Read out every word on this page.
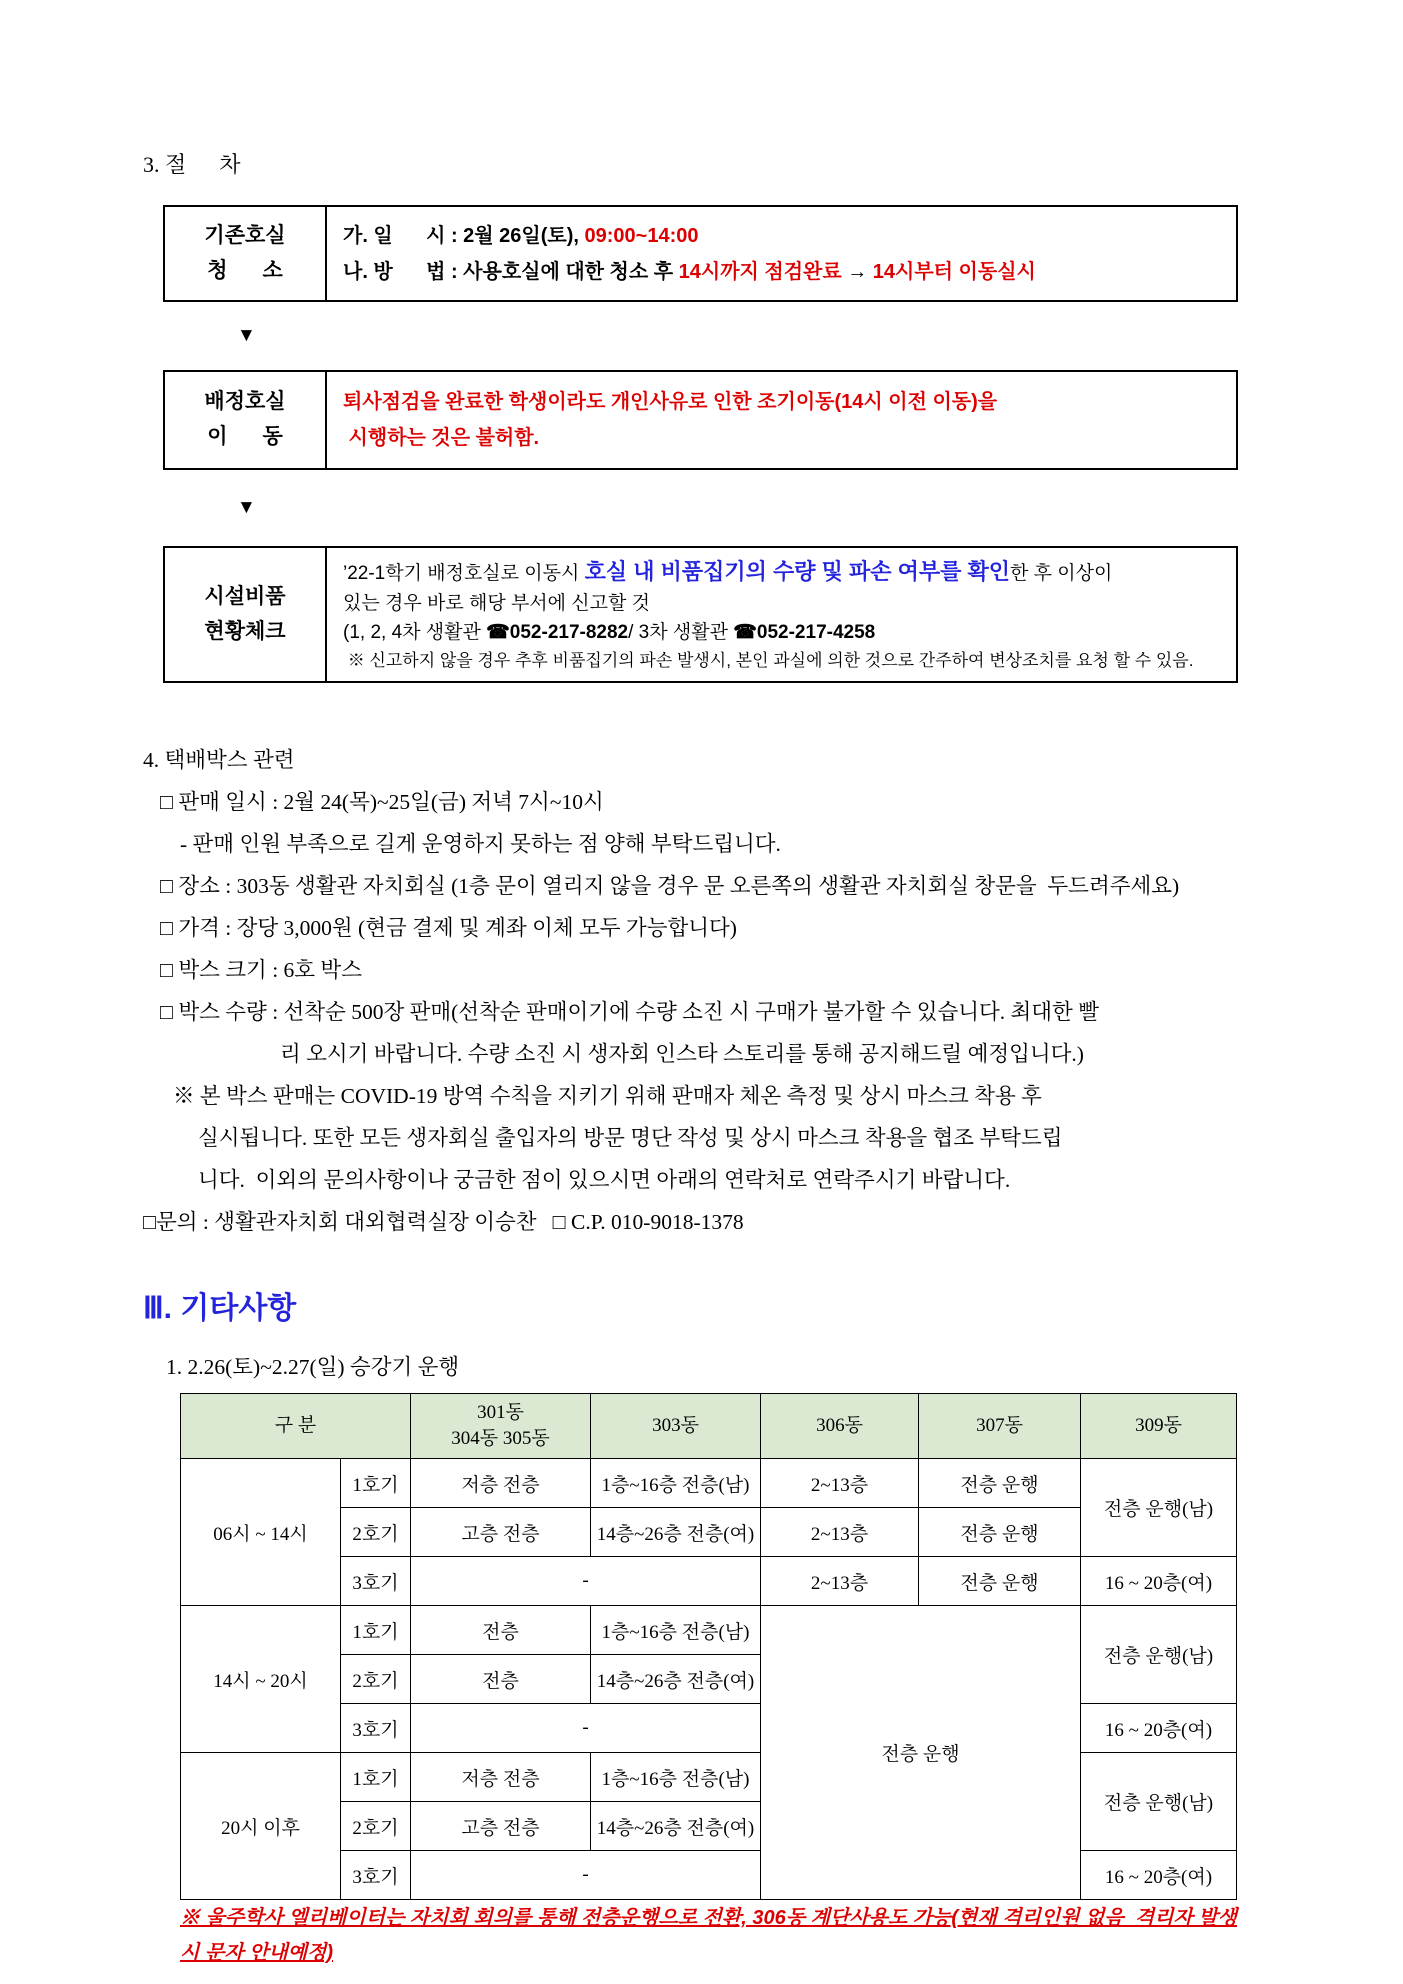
3. 절      차
기존호실
청      소
가. 일      시 : 2월 26일(토), 09:00~14:00
나. 방      법 : 사용호실에 대한 청소 후 14시까지 점검완료 → 14시부터 이동실시
▼
배정호실
이      동
퇴사점검을 완료한 학생이라도 개인사유로 인한 조기이동(14시 이전 이동)을
시행하는 것은 불허함.
▼
시설비품
현황체크
’22-1학기 배정호실로 이동시 호실 내 비품집기의 수량 및 파손 여부를 확인한 후 이상이
있는 경우 바로 해당 부서에 신고할 것
(1, 2, 4차 생활관 ☎052-217-8282/ 3차 생활관 ☎052-217-4258
※ 신고하지 않을 경우 추후 비품집기의 파손 발생시, 본인 과실에 의한 것으로 간주하여 변상조치를 요청 할 수 있음.
4. 택배박스 관련
□ 판매 일시 : 2월 24(목)~25일(금) 저녁 7시~10시
- 판매 인원 부족으로 길게 운영하지 못하는 점 양해 부탁드립니다.
□ 장소 : 303동 생활관 자치회실 (1층 문이 열리지 않을 경우 문 오른쪽의 생활관 자치회실 창문을  두드려주세요)
□ 가격 : 장당 3,000원 (현금 결제 및 계좌 이체 모두 가능합니다)
□ 박스 크기 : 6호 박스
□ 박스 수량 : 선착순 500장 판매(선착순 판매이기에 수량 소진 시 구매가 불가할 수 있습니다. 최대한 빨
리 오시기 바랍니다. 수량 소진 시 생자회 인스타 스토리를 통해 공지해드릴 예정입니다.)
※ 본 박스 판매는 COVID-19 방역 수칙을 지키기 위해 판매자 체온 측정 및 상시 마스크 착용 후
실시됩니다. 또한 모든 생자회실 출입자의 방문 명단 작성 및 상시 마스크 착용을 협조 부탁드립
니다.  이외의 문의사항이나 궁금한 점이 있으시면 아래의 연락처로 연락주시기 바랍니다.
□문의 : 생활관자치회 대외협력실장 이승찬   □ C.P. 010-9018-1378
Ⅲ. 기타사항
1. 2.26(토)~2.27(일) 승강기 운행
구 분		301동
304동 305동	303동	306동	307동	309동
06시 ~ 14시	1호기	저층 전층	1층~16층 전층(남)	2~13층	전층 운행	전층 운행(남)
	2호기	고층 전층	14층~26층 전층(여)	2~13층	전층 운행	
	3호기	-		2~13층	전층 운행	16 ~ 20층(여)
14시 ~ 20시	1호기	전층	1층~16층 전층(남)	전층 운행		전층 운행(남)
	2호기	전층	14층~26층 전층(여)			
	3호기	-				16 ~ 20층(여)
20시 이후	1호기	저층 전층	1층~16층 전층(남)			전층 운행(남)
	2호기	고층 전층	14층~26층 전층(여)			
	3호기	-				16 ~ 20층(여)
※ 울주학사 엘리베이터는 자치회 회의를 통해 전층운행으로 전환, 306동 계단사용도 가능(현재 격리인원 없음_격리자 발생
시 문자 안내예정)
